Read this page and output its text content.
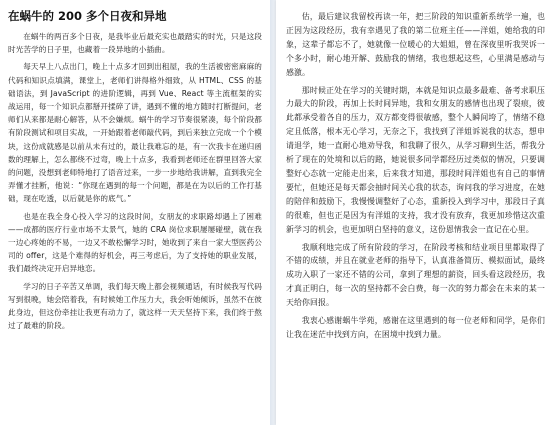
在蜗牛的 200 多个日夜和异地

在蜗牛的两百多个日夜，是我毕业后最充实也最踏实的时光，只是这段时光苦学的日子里，也藏着一段异地的小插曲。

每天早上八点出门，晚上十点多才回到出租屋，我的生活被密密麻麻的代码和知识点填满，课堂上，老师们讲得格外细致，从 HTML、CSS 的基础语法，到 JavaScript 的进阶逻辑，再到 Vue、React 等主流框架的实战运用，每一个知识点都掰开揉碎了讲，遇到不懂的地方随时打断提问，老师们从来都是耐心解答，从不会嫌烦。蜗牛的学习节奏很紧凑，每个阶段都有阶段测试和项目实战，一开始跟着老师敲代码，到后来独立完成一个个模块，这份成就感是以前从未有过的，最让我难忘的是，有一次我卡在递归函数的理解上，怎么都绕不过弯，晚上十点多，我看到老师还在群里回答大家的问题，没想到老师特地打了语音过来，一步一步地给我讲解，直到我完全弄懂才挂断，他说：“你现在遇到的每一个问题，都是在为以后的工作打基础，现在吃透，以后就是你的底气。”

也是在我全身心投入学习的这段时间，女朋友的求职路却遇上了困难——成都的医疗行业市场不太景气，她的 CRA 岗位求职屡屡碰壁，就在我一边心疼她的不易，一边又不敢松懈学习时，她收到了来自一家大型医药公司的 offer，这是个难得的好机会，再三考虑后，为了支持她的职业发展，我们最终决定开启异地恋。

学习的日子辛苦又单调，我们每天晚上都会视频通话，有时候我写代码写到很晚，她会陪着我，有时候她工作压力大，我会听她倾诉，虽然不在彼此身边，但这份牵挂让我更有动力了，就这样一天天坚持下来，我们终于熬过了最难的阶段。

估，最后建议我留校再读一年，把三阶段的知识重新系统学一遍，也正因为这段经历，我有幸遇见了我的第二位班主任——洋姐，她给我的印象，这辈子都忘不了，她就像一位暖心的大姐姐，曾在深夜里听我哭诉一个多小时，耐心地开解、鼓励我的情绪，我也想起这些，心里满是感动与感激。

那时候正处在学习的关键时期，本就是知识点最多最难、备考求职压力最大的阶段，再加上长时间异地，我和女朋友的感情也出现了裂痕，彼此都承受着各自的压力，双方都变得很敏感，整个人瞬间垮了，情绪不稳定且低落，根本无心学习，无奈之下，我找到了洋姐诉说我的状态，想申请退学，她一直耐心地劝导我，和我聊了很久，从学习聊到生活，帮我分析了现在的处境和以后的路，她说很多同学都经历过类似的情况，只要调整好心态就一定能走出来，后来我才知道，那段时间洋姐也有自己的事情要忙，但她还是每天都会抽时间关心我的状态，询问我的学习进度，在她的陪伴和鼓励下，我慢慢调整好了心态，重新投入到学习中，那段日子真的很难，但也正是因为有洋姐的支持，我才没有放弃，我更加珍惜这次重新学习的机会，也更加明白坚持的意义，这份恩情我会一直记在心里。

我顺利地完成了所有阶段的学习，在阶段考核和结业项目里都取得了不错的成绩，并且在就业老师的指导下，认真准备简历、模拟面试，最终成功入职了一家还不错的公司，拿到了理想的薪资，回头看这段经历，我才真正明白，每一次的坚持都不会白费，每一次的努力都会在未来的某一天给你回报。

我衷心感谢蜗牛学苑，感谢在这里遇到的每一位老师和同学，是你们让我在迷茫中找到方向，在困境中找到力量。
